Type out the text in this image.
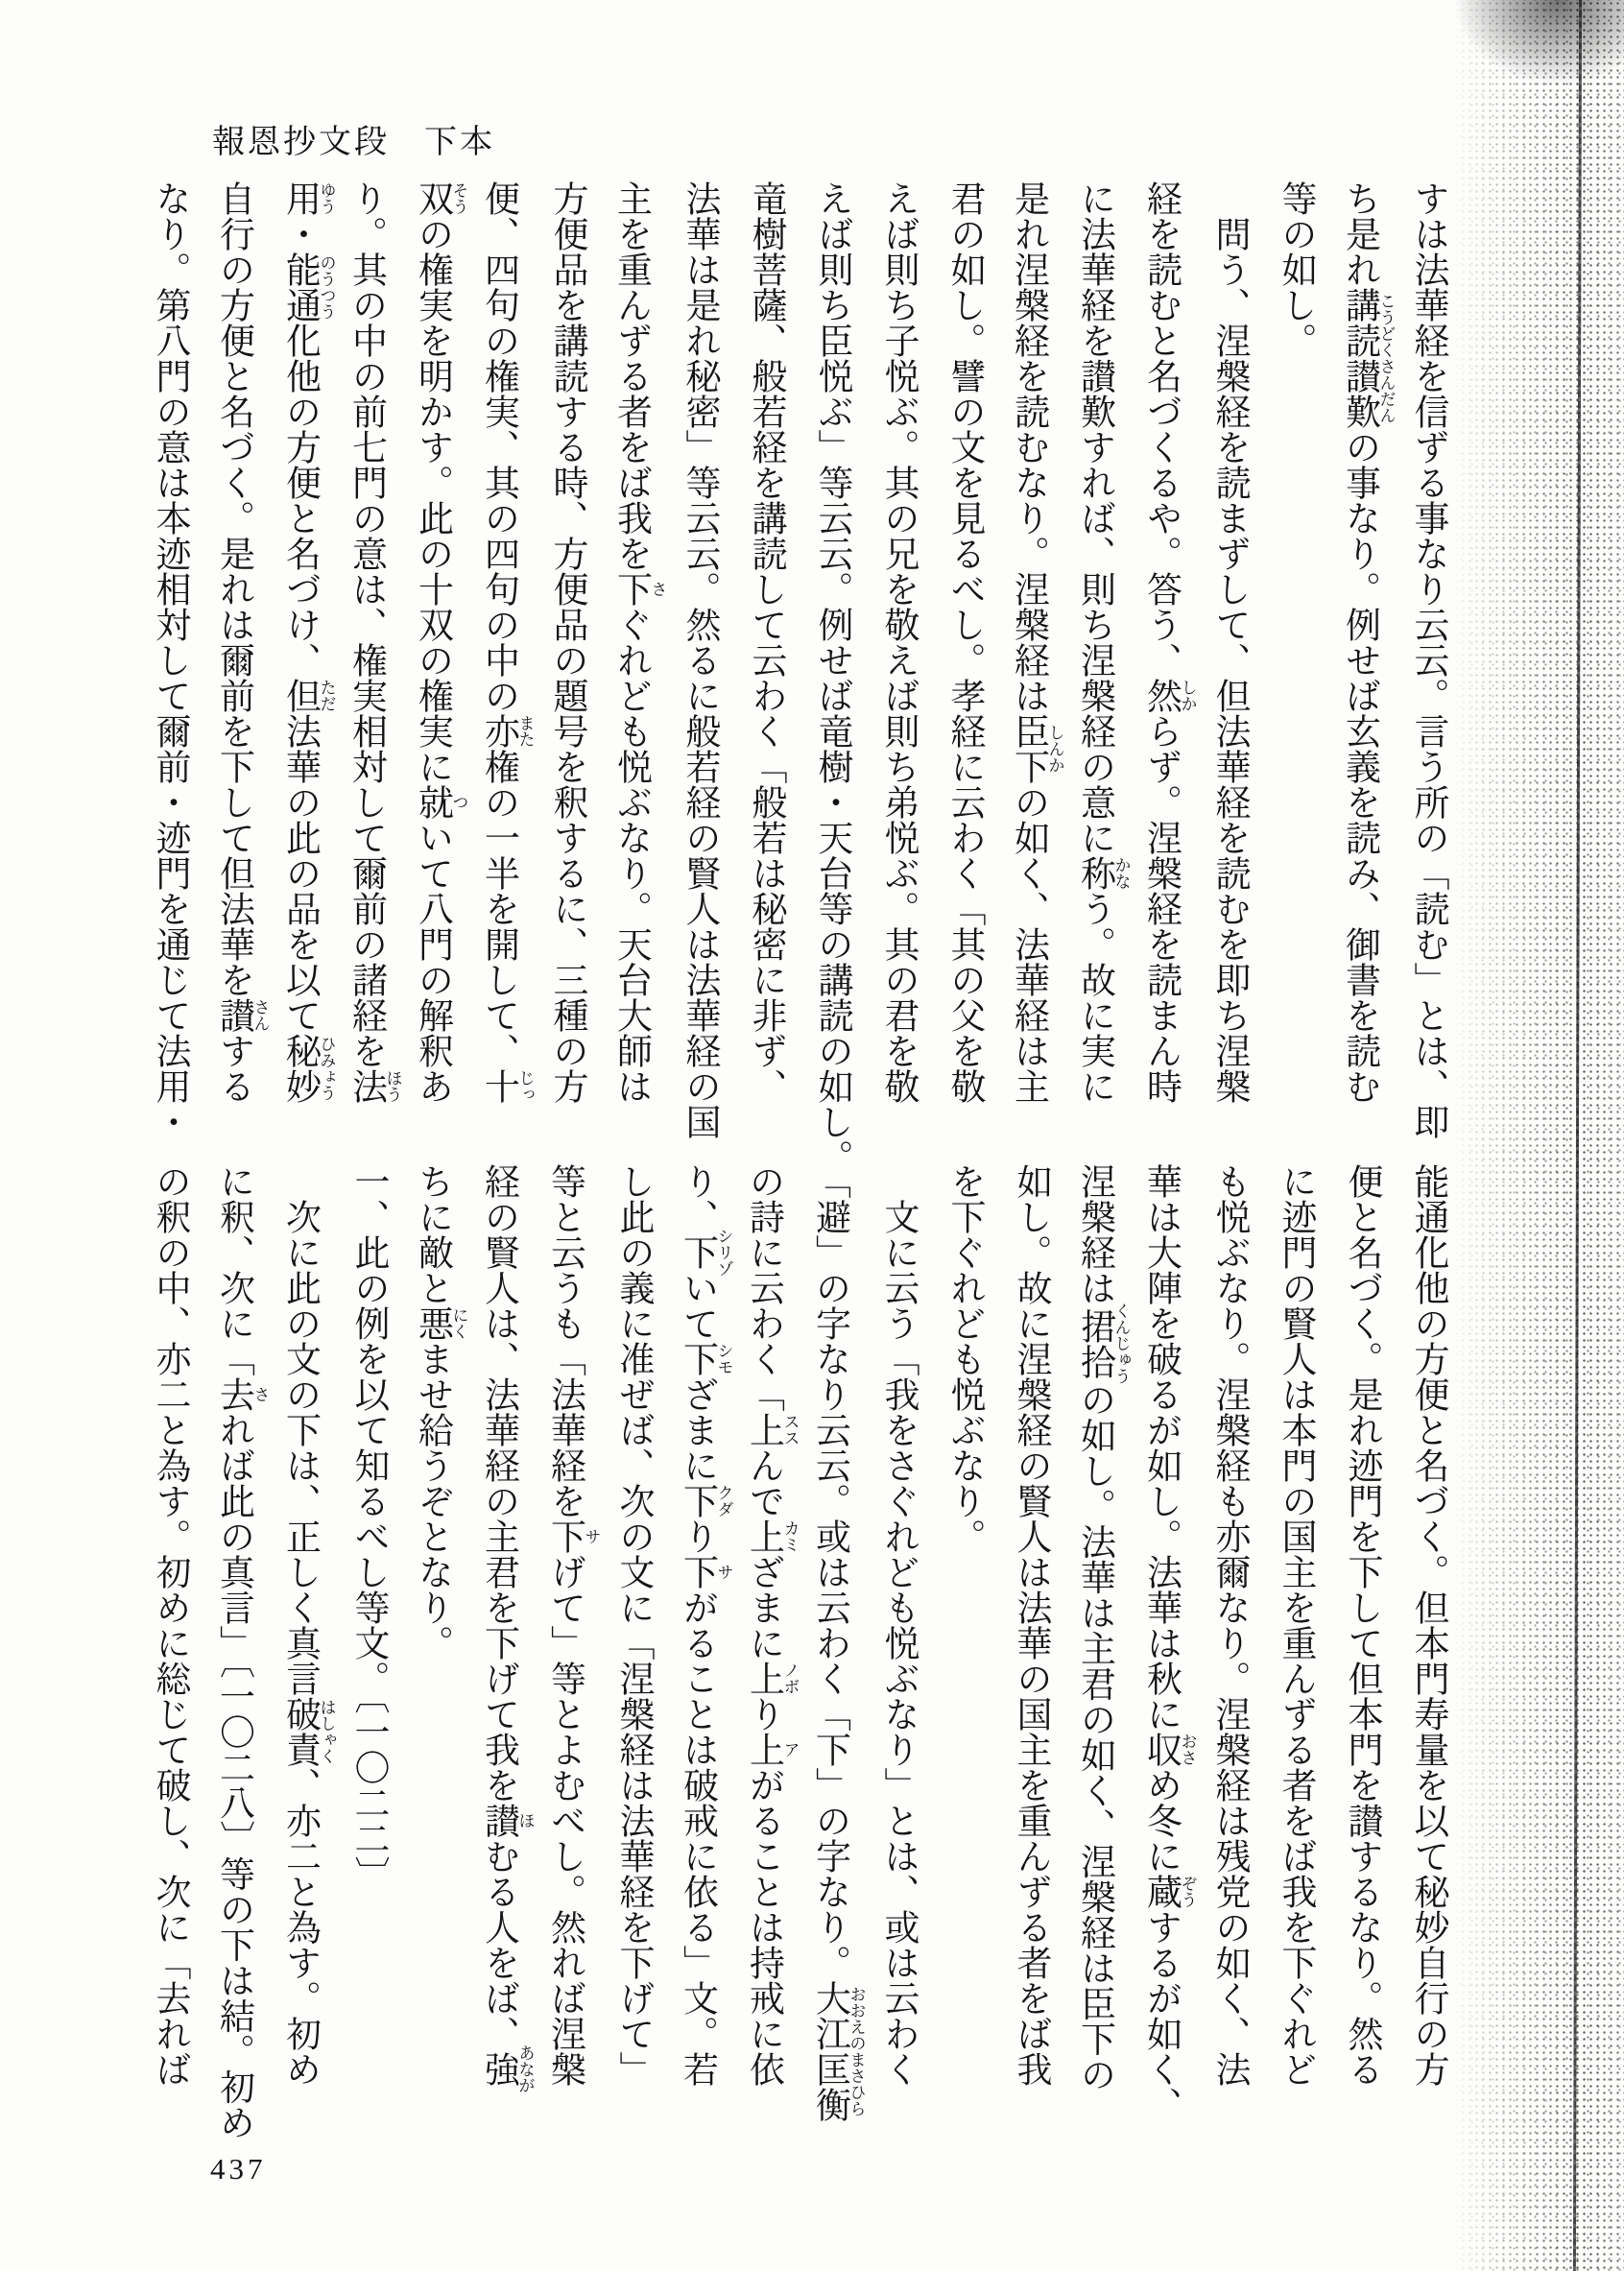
報恩抄文段 下本
すは法華経を信ずる事なり云云。言う所の「読む」とは、即
ち是れ講読讃歎こうどくさんだんの事なり。例せば玄義を読み、御書を読む
等の如し。
問う、涅槃経を読まずして、但法華経を読むを即ち涅槃
経を読むと名づくるや。答う、然しからず。涅槃経を読まん時
に法華経を讃歎すれば、則ち涅槃経の意に称かなう。故に実に
是れ涅槃経を読むなり。涅槃経は臣下しんかの如く、法華経は主
君の如し。譬の文を見るべし。孝経に云わく「其の父を敬
えば則ち子悦ぶ。其の兄を敬えば則ち弟悦ぶ。其の君を敬
えば則ち臣悦ぶ」等云云。例せば竜樹・天台等の講読の如し。
竜樹菩薩、般若経を講読して云わく「般若は秘密に非ず、
法華は是れ秘密」等云云。然るに般若経の賢人は法華経の国
主を重んずる者をば我を下さぐれども悦ぶなり。天台大師は
方便品を講読する時、方便品の題号を釈するに、三種の方
便、四句の権実、其の四句の中の亦また権の一半を開して、十じっ
双そうの権実を明かす。此の十双の権実に就ついて八門の解釈あ
り。其の中の前七門の意は、権実相対して爾前の諸経を法ほう
用ゆう・能通のうつう化他の方便と名づけ、但ただ法華の此の品を以て秘妙ひみょう
自行の方便と名づく。是れは爾前を下して但法華を讃さんする
なり。第八門の意は本迹相対して爾前・迹門を通じて法用・
能通化他の方便と名づく。但本門寿量を以て秘妙自行の方
便と名づく。是れ迹門を下して但本門を讃するなり。然る
に迹門の賢人は本門の国主を重んずる者をば我を下ぐれど
も悦ぶなり。涅槃経も亦爾なり。涅槃経は残党の如く、法
華は大陣を破るが如し。法華は秋に収おさめ冬に蔵ぞうするが如く、
涅槃経は捃拾くんじゅうの如し。法華は主君の如く、涅槃経は臣下の
如し。故に涅槃経の賢人は法華の国主を重んずる者をば我
を下ぐれども悦ぶなり。
文に云う「我をさぐれども悦ぶなり」とは、或は云わく
「避」の字なり云云。或は云わく「下」の字なり。大江匡衡おおえのまさひら
の詩に云わく「上ススんで上カミざまに上ノボり上アがることは持戒に依
り、下シリゾいて下シモざまに下クダり下サがることは破戒に依る」文。若
し此の義に准ぜば、次の文に「涅槃経は法華経を下げて」
等と云うも「法華経を下サげて」等とよむべし。然れば涅槃
経の賢人は、法華経の主君を下げて我を讃ほむる人をば、強あなが
ちに敵と悪にくませ給うぞとなり。
一、此の例を以て知るべし等文。〔一〇二二〕
次に此の文の下は、正しく真言破責はしゃく、亦二と為す。初め
に釈、次に「去されば此の真言」〔一〇二八〕等の下は結。初め
の釈の中、亦二と為す。初めに総じて破し、次に「去れば
437
